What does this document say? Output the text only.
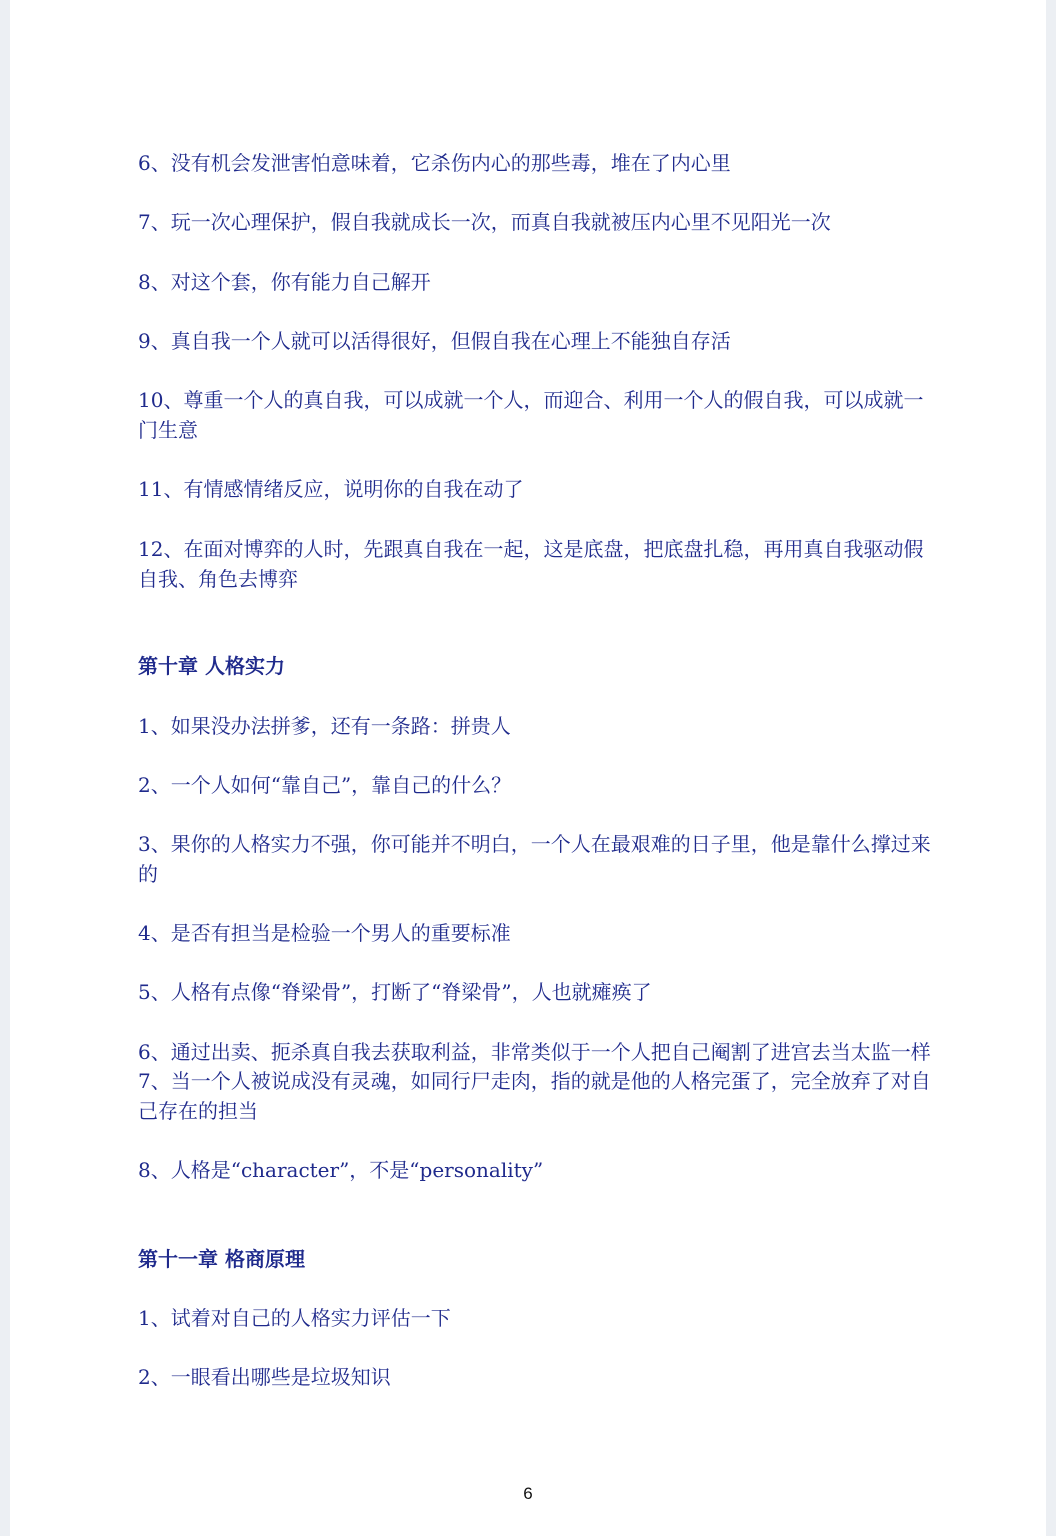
6、没有机会发泄害怕意味着，它杀伤内心的那些毒，堆在了内心里
7、玩一次心理保护，假自我就成长一次，而真自我就被压内心里不见阳光一次
8、对这个套，你有能力自己解开
9、真自我一个人就可以活得很好，但假自我在心理上不能独自存活
10、尊重一个人的真自我，可以成就一个人，而迎合、利用一个人的假自我，可以成就一门生意
11、有情感情绪反应，说明你的自我在动了
12、在面对博弈的人时，先跟真自我在一起，这是底盘，把底盘扎稳，再用真自我驱动假自我、角色去博弈
第十章 人格实力
1、如果没办法拼爹，还有一条路：拼贵人
2、一个人如何“靠自己”，靠自己的什么？
3、果你的人格实力不强，你可能并不明白，一个人在最艰难的日子里，他是靠什么撑过来的
4、是否有担当是检验一个男人的重要标准
5、人格有点像“脊梁骨”，打断了“脊梁骨”，人也就瘫痪了
6、通过出卖、扼杀真自我去获取利益，非常类似于一个人把自己阉割了进宫去当太监一样
7、当一个人被说成没有灵魂，如同行尸走肉，指的就是他的人格完蛋了，完全放弃了对自己存在的担当
8、人格是“character”，不是“personality”
第十一章 格商原理
1、试着对自己的人格实力评估一下
2、一眼看出哪些是垃圾知识
6
